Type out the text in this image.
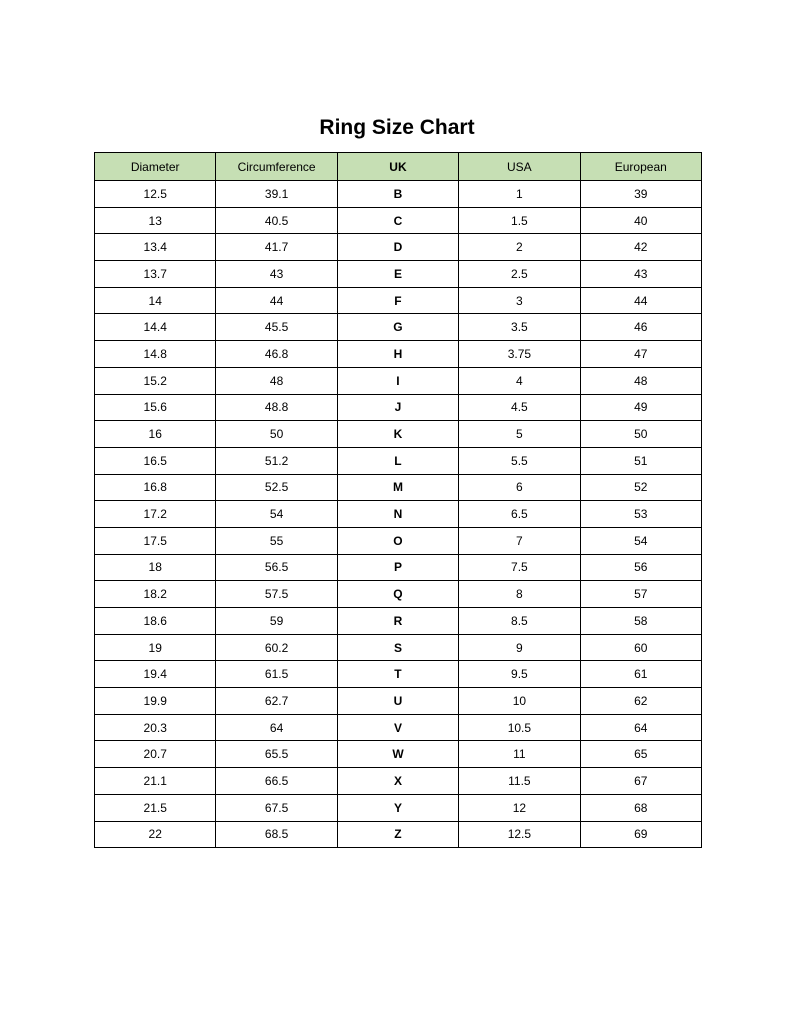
Ring Size Chart
Diameter	Circumference	UK	USA	European
12.5	39.1	B	1	39
13	40.5	C	1.5	40
13.4	41.7	D	2	42
13.7	43	E	2.5	43
14	44	F	3	44
14.4	45.5	G	3.5	46
14.8	46.8	H	3.75	47
15.2	48	I	4	48
15.6	48.8	J	4.5	49
16	50	K	5	50
16.5	51.2	L	5.5	51
16.8	52.5	M	6	52
17.2	54	N	6.5	53
17.5	55	O	7	54
18	56.5	P	7.5	56
18.2	57.5	Q	8	57
18.6	59	R	8.5	58
19	60.2	S	9	60
19.4	61.5	T	9.5	61
19.9	62.7	U	10	62
20.3	64	V	10.5	64
20.7	65.5	W	11	65
21.1	66.5	X	11.5	67
21.5	67.5	Y	12	68
22	68.5	Z	12.5	69
